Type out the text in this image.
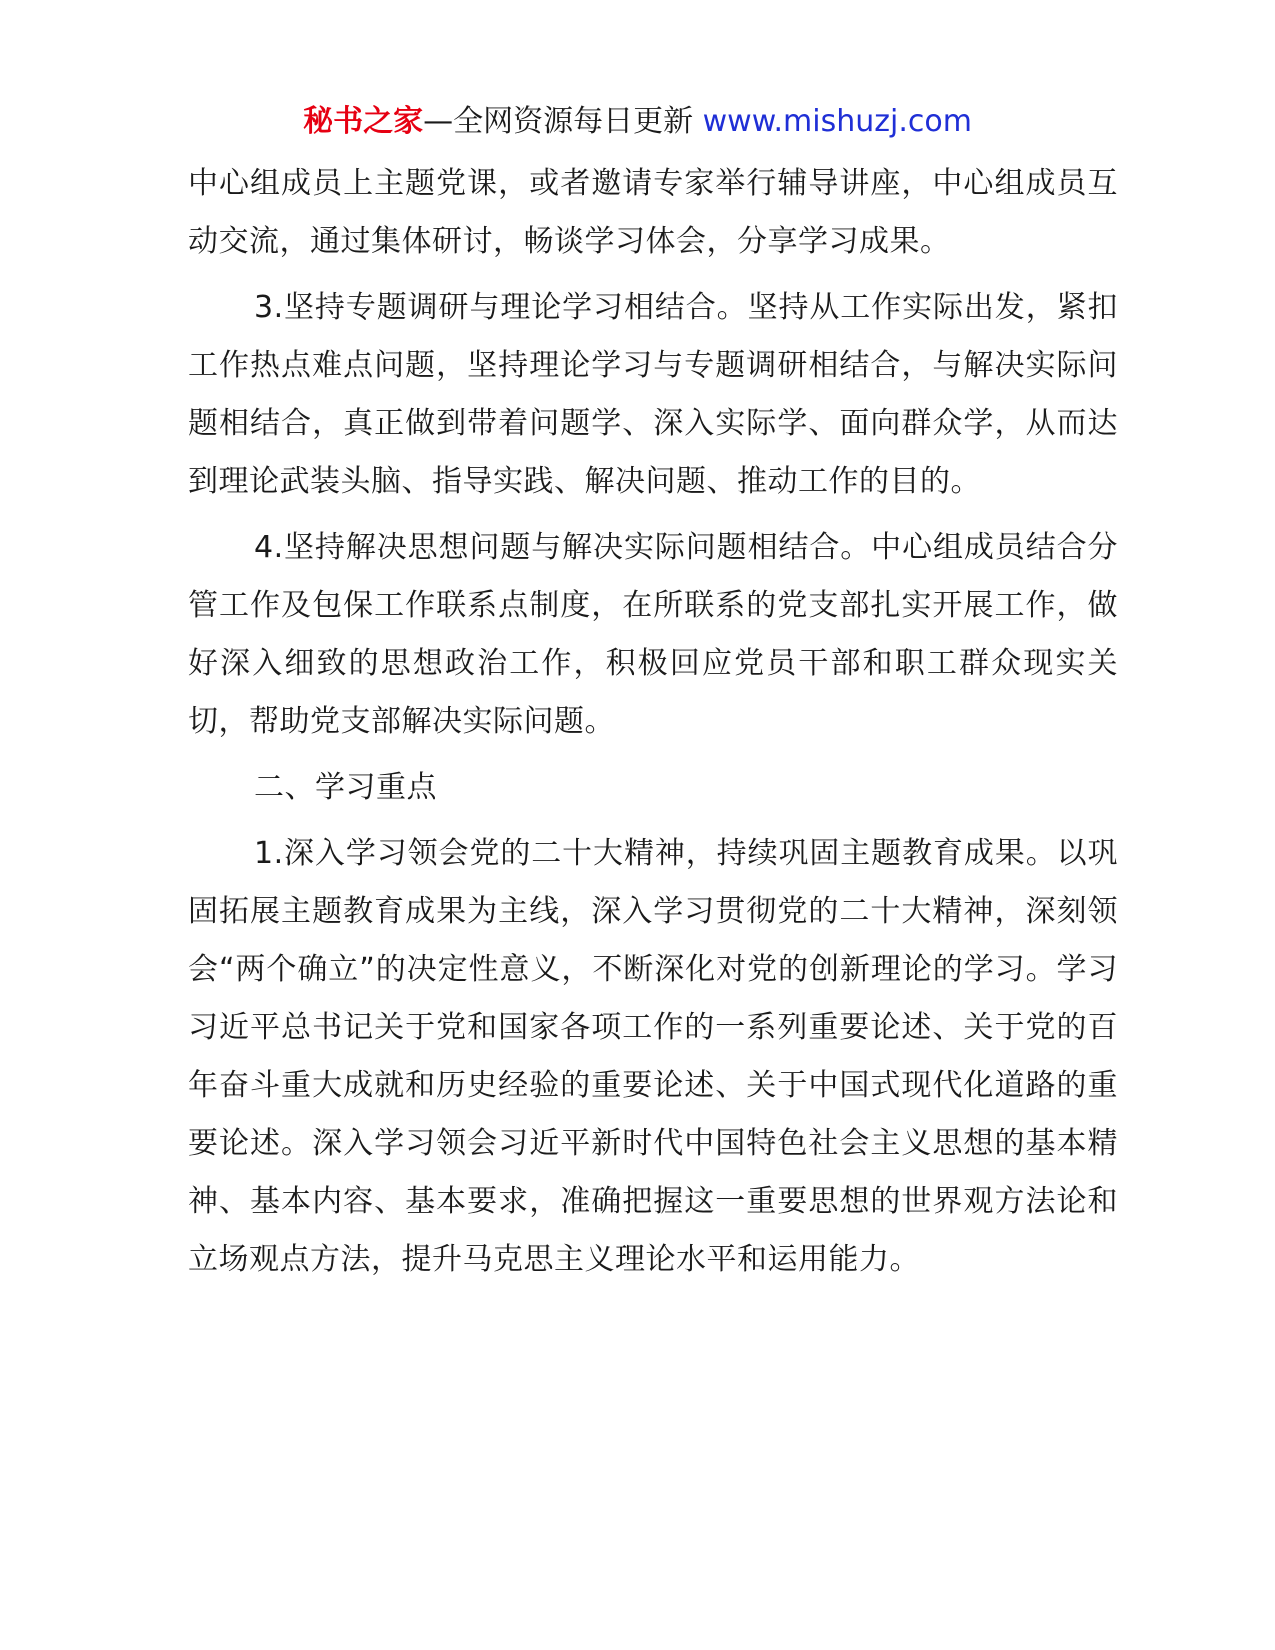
秘书之家—全网资源每日更新 www.mishuzj.com

中心组成员上主题党课，或者邀请专家举行辅导讲座，中心组成员互动交流，通过集体研讨，畅谈学习体会，分享学习成果。

3.坚持专题调研与理论学习相结合。坚持从工作实际出发，紧扣工作热点难点问题，坚持理论学习与专题调研相结合，与解决实际问题相结合，真正做到带着问题学、深入实际学、面向群众学，从而达到理论武装头脑、指导实践、解决问题、推动工作的目的。

4.坚持解决思想问题与解决实际问题相结合。中心组成员结合分管工作及包保工作联系点制度，在所联系的党支部扎实开展工作，做好深入细致的思想政治工作，积极回应党员干部和职工群众现实关切，帮助党支部解决实际问题。

二、学习重点

1.深入学习领会党的二十大精神，持续巩固主题教育成果。以巩固拓展主题教育成果为主线，深入学习贯彻党的二十大精神，深刻领会“两个确立”的决定性意义，不断深化对党的创新理论的学习。学习习近平总书记关于党和国家各项工作的一系列重要论述、关于党的百年奋斗重大成就和历史经验的重要论述、关于中国式现代化道路的重要论述。深入学习领会习近平新时代中国特色社会主义思想的基本精神、基本内容、基本要求，准确把握这一重要思想的世界观方法论和立场观点方法，提升马克思主义理论水平和运用能力。
